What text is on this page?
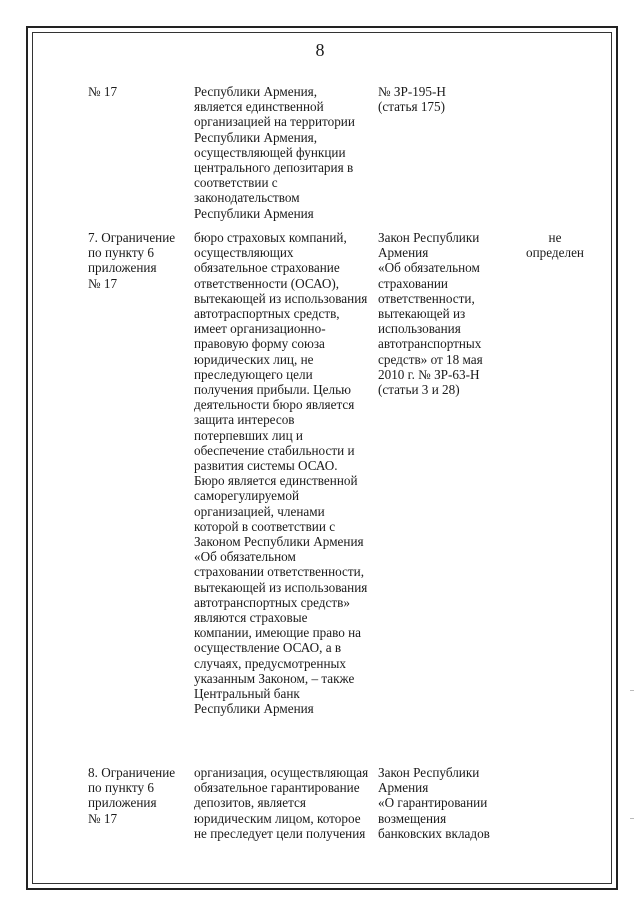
8
№ 17	Республики Армения,
является единственной
организацией на территории
Республики Армения,
осуществляющей функции
центрального депозитария в
соответствии с
законодательством
Республики Армения
№ ЗР-195-Н
(статья 175)
7. Ограничение
по пункту 6
приложения
№ 17
бюро страховых компаний,
осуществляющих
обязательное страхование
ответственности (ОСАО),
вытекающей из использования
автотраспортных средств,
имеет организационно-
правовую форму союза
юридических лиц, не
преследующего цели
получения прибыли. Целью
деятельности бюро является
защита интересов
потерпевших лиц и
обеспечение стабильности и
развития системы ОСАО.
Бюро является единственной
саморегулируемой
организацией, членами
которой в соответствии с
Законом Республики Армения
«Об обязательном
страховании ответственности,
вытекающей из использования
автотранспортных средств»
являются страховые
компании, имеющие право на
осуществление ОСАО, а в
случаях, предусмотренных
указанным Законом, – также
Центральный банк
Республики Армения
Закон Республики
Армения
«Об обязательном
страховании
ответственности,
вытекающей из
использования
автотранспортных
средств» от 18 мая
2010 г. № ЗР-63-Н
(статьи 3 и 28)
не
определен
8. Ограничение
по пункту 6
приложения
№ 17
организация, осуществляющая
обязательное гарантирование
депозитов, является
юридическим лицом, которое
не преследует цели получения
Закон Республики
Армения
«О гарантировании
возмещения
банковских вкладов
